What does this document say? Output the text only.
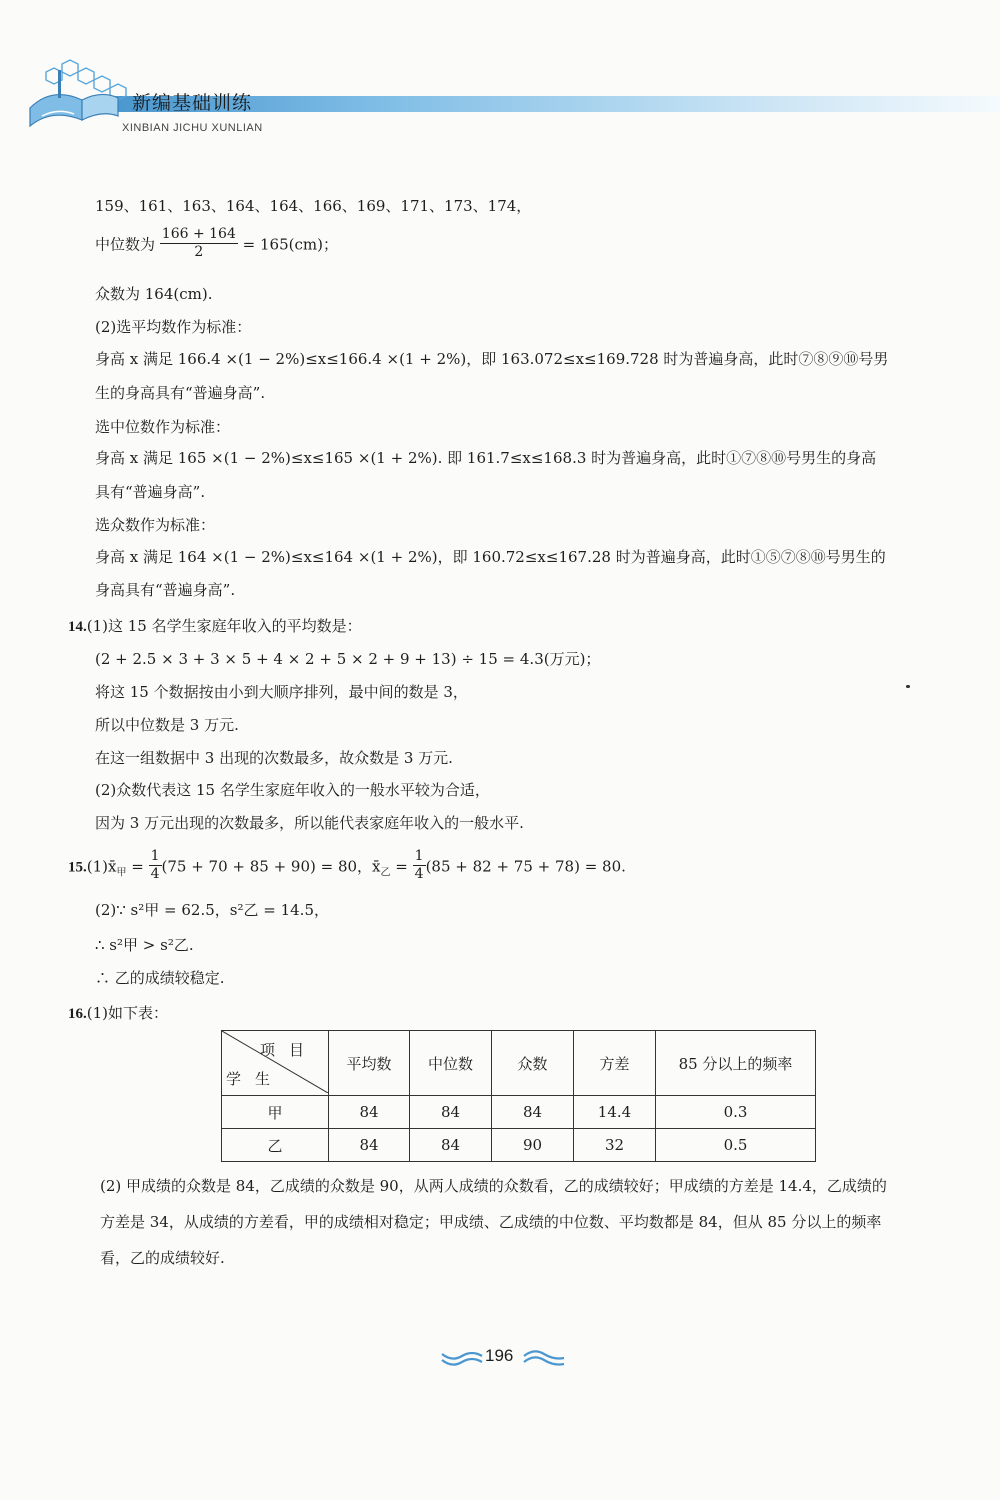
新编基础训练
XINBIAN JICHU XUNLIAN
159、161、163、164、164、166、169、171、173、174，
中位数为 $\frac{166 + 164}{2} = 165(cm)$；
众数为 164(cm).
(2)选平均数作为标准：
身高 x 满足 166.4 ×(1 − 2%)≤x≤166.4 ×(1 + 2%)，即 163.072≤x≤169.728 时为普遍身高，此时⑦⑧⑨⑩号男
生的身高具有“普遍身高”.
选中位数作为标准：
身高 x 满足 165 ×(1 − 2%)≤x≤165 ×(1 + 2%). 即 161.7≤x≤168.3 时为普遍身高，此时①⑦⑧⑩号男生的身高
具有“普遍身高”.
选众数作为标准：
身高 x 满足 164 ×(1 − 2%)≤x≤164 ×(1 + 2%)，即 160.72≤x≤167.28 时为普遍身高，此时①⑤⑦⑧⑩号男生的
身高具有“普遍身高”.
14.(1)这 15 名学生家庭年收入的平均数是：
(2 + 2.5 × 3 + 3 × 5 + 4 × 2 + 5 × 2 + 9 + 13) ÷ 15 = 4.3(万元)；
将这 15 个数据按由小到大顺序排列，最中间的数是 3，
所以中位数是 3 万元.
在这一组数据中 3 出现的次数最多，故众数是 3 万元.
(2)众数代表这 15 名学生家庭年收入的一般水平较为合适，
因为 3 万元出现的次数最多，所以能代表家庭年收入的一般水平.
$15.(1)x̄_甲 = \frac{1}{4} (75 + 70 + 85 + 90) = 80$，$x̄_乙 = \frac{1}{4} (85 + 82 + 75 + 78) = 80$.
(2)∵ s²甲 = 62.5，s²乙 = 14.5，
∴ s²甲 > s²乙.
∴ 乙的成绩较稳定.
16.(1)如下表：
项目
学生	平均数	中位数	众数	方差	85 分以上的频率
甲	84	84	84	14.4	0.3
乙	84	84	90	32	0.5
(2) 甲成绩的众数是 84，乙成绩的众数是 90，从两人成绩的众数看，乙的成绩较好；甲成绩的方差是 14.4，乙成绩的
方差是 34，从成绩的方差看，甲的成绩相对稳定；甲成绩、乙成绩的中位数、平均数都是 84，但从 85 分以上的频率
看，乙的成绩较好.
196
